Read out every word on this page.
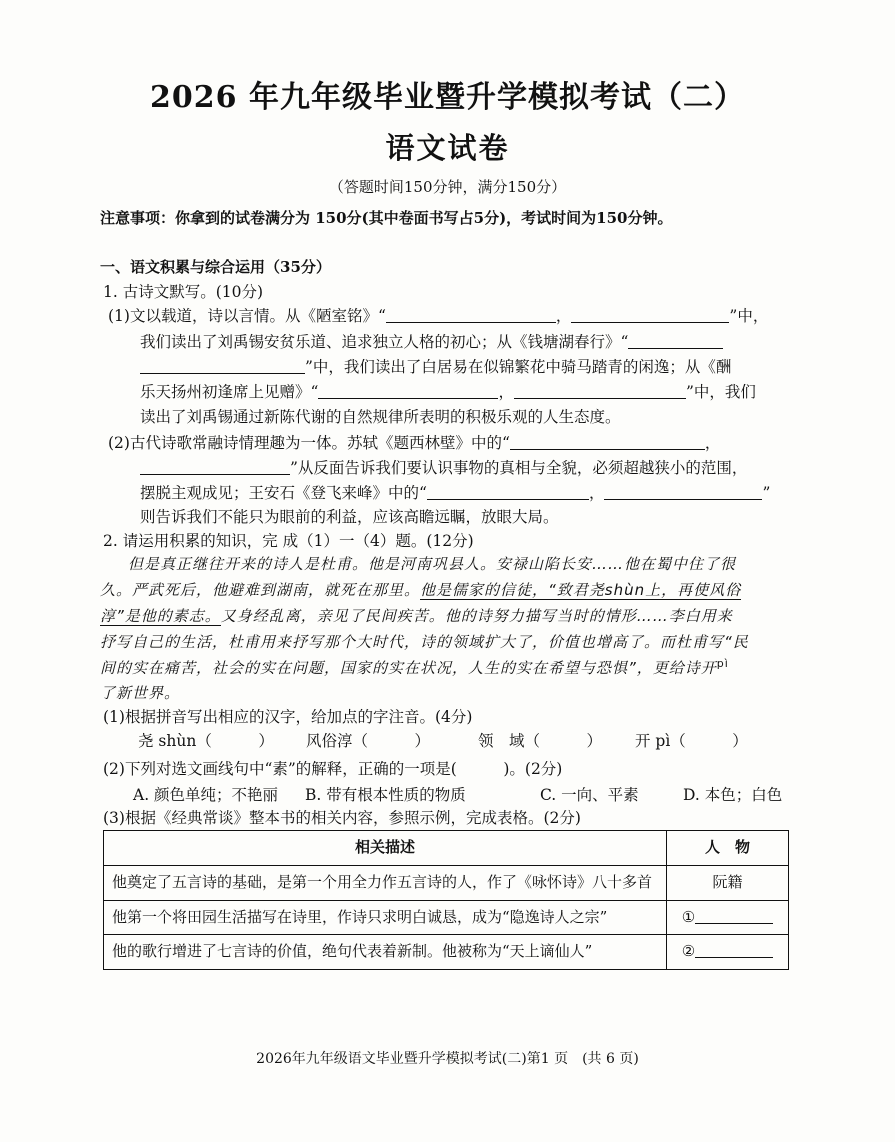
2026 年九年级毕业暨升学模拟考试（二）
语文试卷
（答题时间150分钟，满分150分）
注意事项：你拿到的试卷满分为 150分(其中卷面书写占5分)，考试时间为150分钟。
一、语文积累与综合运用（35分）
1. 古诗文默写。(10分)
(1)文以载道，诗以言情。从《陋室铭》“	，	”中，
我们读出了刘禹锡安贫乐道、追求独立人格的初心；从《钱塘湖春行》“
”中，我们读出了白居易在似锦繁花中骑马踏青的闲逸；从《酬
乐天扬州初逢席上见赠》“	，	”中，我们
读出了刘禹锡通过新陈代谢的自然规律所表明的积极乐观的人生态度。
(2)古代诗歌常融诗情理趣为一体。苏轼《题西林壁》中的“	，
”从反面告诉我们要认识事物的真相与全貌，必须超越狭小的范围，
摆脱主观成见；王安石《登飞来峰》中的“	，	”
则告诉我们不能只为眼前的利益，应该高瞻远瞩，放眼大局。
2. 请运用积累的知识，完 成（1）一（4）题。(12分)
但是真正继往开来的诗人是杜甫。他是河南巩县人。安禄山陷长安……他在蜀中住了很
久。严武死后，他避难到湖南，就死在那里。他是儒家的信徒，“致君尧shùn上，再使风俗
淳”是他的素志。又身经乱离，亲见了民间疾苦。他的诗努力描写当时的情形……李白用来
抒写自己的生活，杜甫用来抒写那个大时代，诗的领域扩大了，价值也增高了。而杜甫写“民
间的实在痛苦，社会的实在问题，国家的实在状况，人生的实在希望与恐惧”，更给诗开$^{pì}$
了新世界。
(1)根据拼音写出相应的汉字，给加点的字注音。(4分)
尧 shùn（　　　） 风俗淳（　　　）	领　域（　　　） 开 pì（　　　）
(2)下列对选文画线句中“素”的解释，正确的一项是(　　　)。(2分)
A. 颜色单纯；不艳丽 B. 带有根本性质的物质	C. 一向、平素	D. 本色；白色
(3)根据《经典常谈》整本书的相关内容，参照示例，完成表格。(2分)
相关描述	人　物
他奠定了五言诗的基础，是第一个用全力作五言诗的人，作了《咏怀诗》八十多首	阮籍
他第一个将田园生活描写在诗里，作诗只求明白诚恳，成为“隐逸诗人之宗”	①
他的歌行增进了七言诗的价值，绝句代表着新制。他被称为“天上谪仙人”	②
2026年九年级语文毕业暨升学模拟考试(二)第1 页　(共 6 页)
